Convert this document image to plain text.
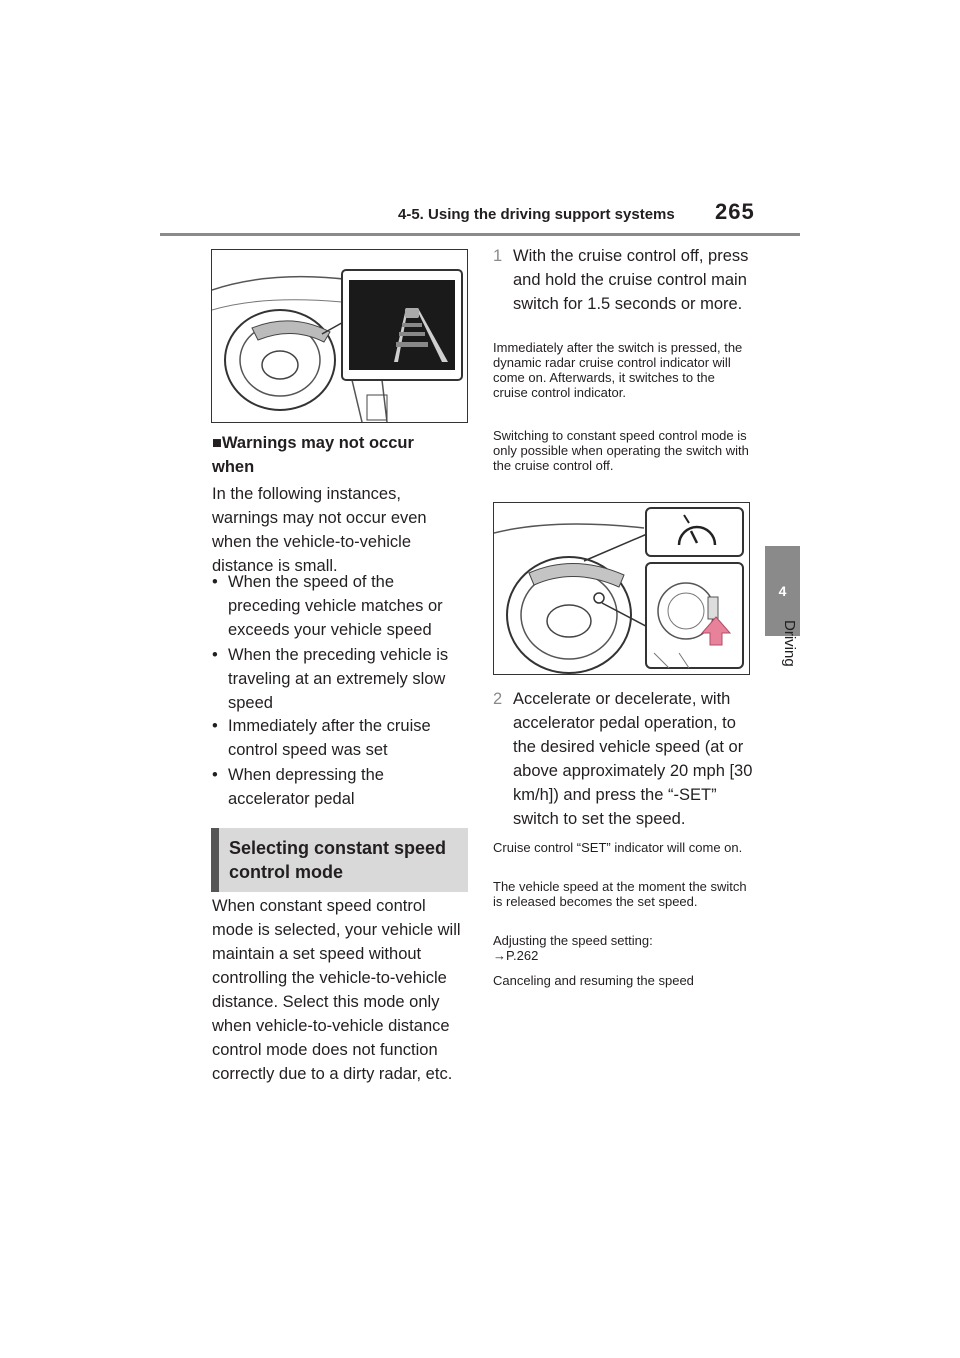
4-5. Using the driving support systems 265
4
Driving
■Warnings may not occur when
In the following instances, warnings may not occur even when the vehicle-to-vehicle distance is small.
• When the speed of the preceding vehicle matches or exceeds your vehicle speed
• When the preceding vehicle is traveling at an extremely slow speed
• Immediately after the cruise control speed was set
• When depressing the accelerator pedal
Selecting constant speed control mode
When constant speed control mode is selected, your vehicle will maintain a set speed without controlling the vehicle-to-vehicle distance. Select this mode only when vehicle-to-vehicle distance control mode does not function correctly due to a dirty radar, etc.
1 With the cruise control off, press and hold the cruise control main switch for 1.5 seconds or more.
Immediately after the switch is pressed, the dynamic radar cruise control indicator will come on. Afterwards, it switches to the cruise control indicator.
Switching to constant speed control mode is only possible when operating the switch with the cruise control off.
2 Accelerate or decelerate, with accelerator pedal operation, to the desired vehicle speed (at or above approximately 20 mph [30 km/h]) and press the “-SET” switch to set the speed.
Cruise control “SET” indicator will come on.
The vehicle speed at the moment the switch is released becomes the set speed.
Adjusting the speed setting:
→P.262
Canceling and resuming the speed
